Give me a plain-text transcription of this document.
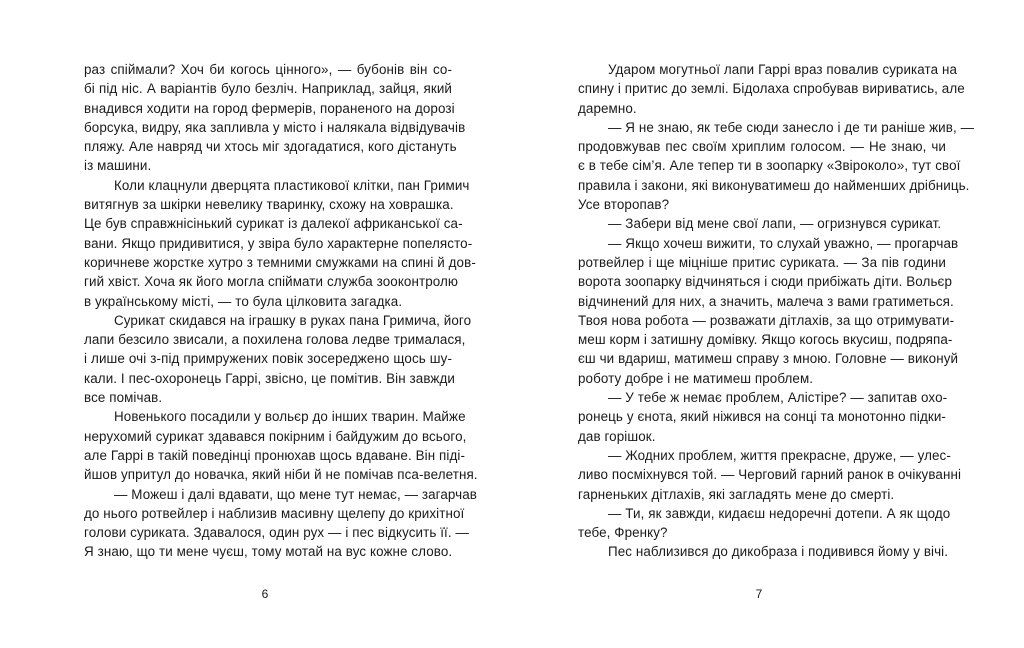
раз спіймали? Хоч би когось цінного», — бубонів він со-
бі під ніс. А варіантів було безліч. Наприклад, зайця, який
внадився ходити на город фермерів, пораненого на дорозі
борсука, видру, яка запливла у місто і налякала відвідувачів
пляжу. Але навряд чи хтось міг здогадатися, кого дістануть
із машини.
Коли клацнули дверцята пластикової клітки, пан Гримич
витягнув за шкірки невелику тваринку, схожу на ховрашка.
Це був справжнісінький сурикат із далекої африканської са-
вани. Якщо придивитися, у звіра було характерне попелясто-
коричневе жорстке хутро з темними смужками на спині й дов-
гий хвіст. Хоча як його могла спіймати служба зооконтролю
в українському місті, — то була цілковита загадка.
Сурикат скидався на іграшку в руках пана Гримича, його
лапи безсило звисали, а похилена голова ледве трималася,
і лише очі з-під примружених повік зосереджено щось шу-
кали. І пес-охоронець Гаррі, звісно, це помітив. Він завжди
все помічав.
Новенького посадили у вольєр до інших тварин. Майже
нерухомий сурикат здавався покірним і байдужим до всього,
але Гаррі в такій поведінці пронюхав щось вдаване. Він піді-
йшов упритул до новачка, який ніби й не помічав пса-велетня.
— Можеш і далі вдавати, що мене тут немає, — загарчав
до нього ротвейлер і наблизив масивну щелепу до крихітної
голови суриката. Здавалося, один рух — і пес відкусить її. —
Я знаю, що ти мене чуєш, тому мотай на вус кожне слово.
6
Ударом могутньої лапи Гаррі враз повалив суриката на
спину і притис до землі. Бідолаха спробував вириватись, але
даремно.
— Я не знаю, як тебе сюди занесло і де ти раніше жив, —
продовжував пес своїм хриплим голосом. — Не знаю, чи
є в тебе сім’я. Але тепер ти в зоопарку «Звіроколо», тут свої
правила і закони, які виконуватимеш до найменших дрібниць.
Усе второпав?
— Забери від мене свої лапи, — огризнувся сурикат.
— Якщо хочеш вижити, то слухай уважно, — прогарчав
ротвейлер і ще міцніше притис суриката. — За пів години
ворота зоопарку відчиняться і сюди прибіжать діти. Вольєр
відчинений для них, а значить, малеча з вами гратиметься.
Твоя нова робота — розважати дітлахів, за що отримувати-
меш корм і затишну домівку. Якщо когось вкусиш, подряпа-
єш чи вдариш, матимеш справу з мною. Головне — виконуй
роботу добре і не матимеш проблем.
— У тебе ж немає проблем, Алістіре? — запитав охо-
ронець у єнота, який ніжився на сонці та монотонно підки-
дав горішок.
— Жодних проблем, життя прекрасне, друже, — улес-
ливо посміхнувся той. — Черговий гарний ранок в очікуванні
гарненьких дітлахів, які загладять мене до смерті.
— Ти, як завжди, кидаєш недоречні дотепи. А як щодо
тебе, Френку?
Пес наблизився до дикобраза і подивився йому у вічі.
7
